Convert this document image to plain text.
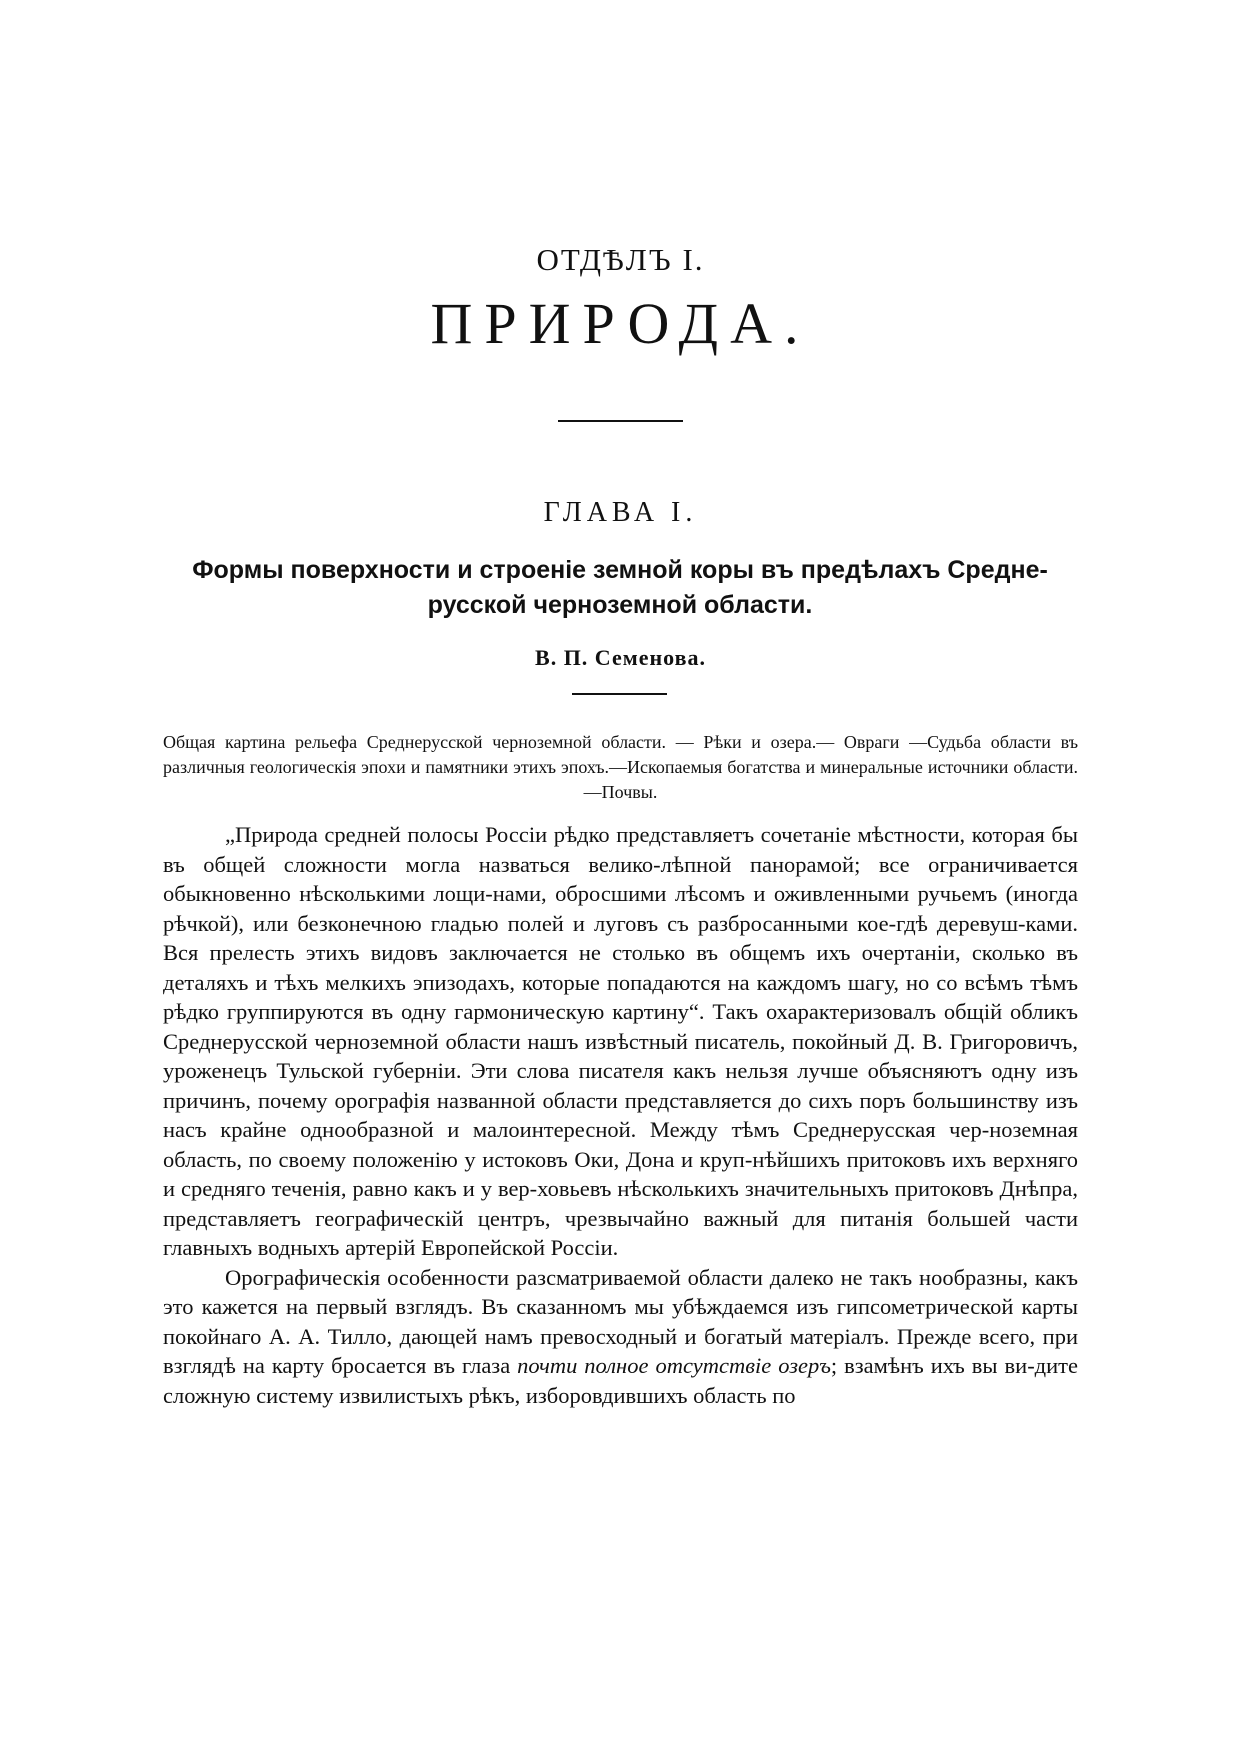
ОТДѢЛЪ I.
ПРИРОДА.
ГЛАВА I.
Формы поверхности и строеніе земной коры въ предѣлахъ Средне-русской черноземной области.
В. П. Семенова.
Общая картина рельефа Среднерусской черноземной области. — Рѣки и озера.— Овраги —Судьба области въ различныя геологическія эпохи и памятники этихъ эпохъ.—Ископаемыя богатства и минеральные источники области.—Почвы.

„Природа средней полосы Россіи рѣдко представляетъ сочетаніе мѣстности, которая бы въ общей сложности могла назваться велико-лѣпной панорамой; все ограничивается обыкновенно нѣсколькими лощи-нами, обросшими лѣсомъ и оживленными ручьемъ (иногда рѣчкой), или безконечною гладью полей и луговъ съ разбросанными кое-гдѣ деревуш-ками. Вся прелесть этихъ видовъ заключается не столько въ общемъ ихъ очертаніи, сколько въ деталяхъ и тѣхъ мелкихъ эпизодахъ, которые попадаются на каждомъ шагу, но со всѣмъ тѣмъ рѣдко группируются въ одну гармоническую картину“. Такъ охарактеризовалъ общій обликъ Среднерусской черноземной области нашъ извѣстный писатель, покойный Д. В. Григоровичъ, уроженецъ Тульской губерніи. Эти слова писателя какъ нельзя лучше объясняютъ одну изъ причинъ, почему орографія названной области представляется до сихъ поръ большинству изъ насъ крайне однообразной и малоинтересной. Между тѣмъ Среднерусская чер-ноземная область, по своему положенію у истоковъ Оки, Дона и круп-нѣйшихъ притоковъ ихъ верхняго и средняго теченія, равно какъ и у вер-ховьевъ нѣсколькихъ значительныхъ притоковъ Днѣпра, представляетъ географическій центръ, чрезвычайно важный для питанія большей части главныхъ водныхъ артерій Европейской Россіи.

Орографическія особенности разсматриваемой области далеко не такъ нообразны, какъ это кажется на первый взглядъ. Въ сказанномъ мы убѣждаемся изъ гипсометрической карты покойнаго А. А. Тилло, дающей намъ превосходный и богатый матеріалъ. Прежде всего, при взглядѣ на карту бросается въ глаза почти полное отсутствіе озеръ; взамѣнъ ихъ вы ви-дите сложную систему извилистыхъ рѣкъ, изборовдившихъ область по
